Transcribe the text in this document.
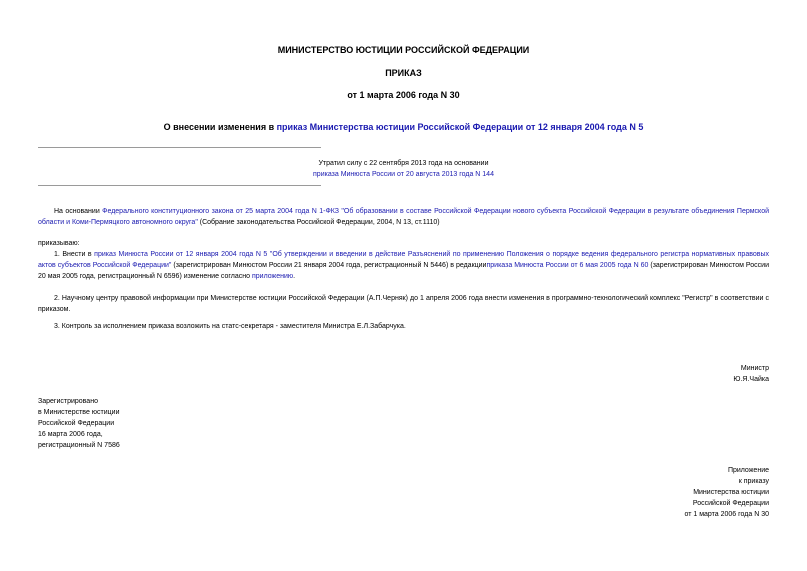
МИНИСТЕРСТВО ЮСТИЦИИ РОССИЙСКОЙ ФЕДЕРАЦИИ
ПРИКАЗ
от 1 марта 2006 года N 30
О внесении изменения в приказ Министерства юстиции Российской Федерации от 12 января 2004 года N 5
Утратил силу с 22 сентября 2013 года на основании
приказа Минюста России от 20 августа 2013 года N 144
На основании Федерального конституционного закона от 25 марта 2004 года N 1-ФКЗ "Об образовании в составе Российской Федерации нового субъекта Российской Федерации в результате объединения Пермской области и Коми-Пермяцкого автономного округа" (Собрание законодательства Российской Федерации, 2004, N 13, ст.1110)
приказываю:
1. Внести в приказ Минюста России от 12 января 2004 года N 5 "Об утверждении и введении в действие Разъяснений по применению Положения о порядке ведения федерального регистра нормативных правовых актов субъектов Российской Федерации" (зарегистрирован Минюстом России 21 января 2004 года, регистрационный N 5446) в редакцииприказа Минюста России от 6 мая 2005 года N 60 (зарегистрирован Минюстом России 20 мая 2005 года, регистрационный N 6596) изменение согласно приложению.
2. Научному центру правовой информации при Министерстве юстиции Российской Федерации (А.П.Черняк) до 1 апреля 2006 года внести изменения в программно-технологический комплекс "Регистр" в соответствии с приказом.
3. Контроль за исполнением приказа возложить на статс-секретаря - заместителя Министра Е.Л.Забарчука.
Министр
Ю.Я.Чайка
Зарегистрировано
в Министерстве юстиции
Российской Федерации
16 марта 2006 года,
регистрационный N 7586
Приложение
к приказу
Министерства юстиции
Российской Федерации
от 1 марта 2006 года N 30
